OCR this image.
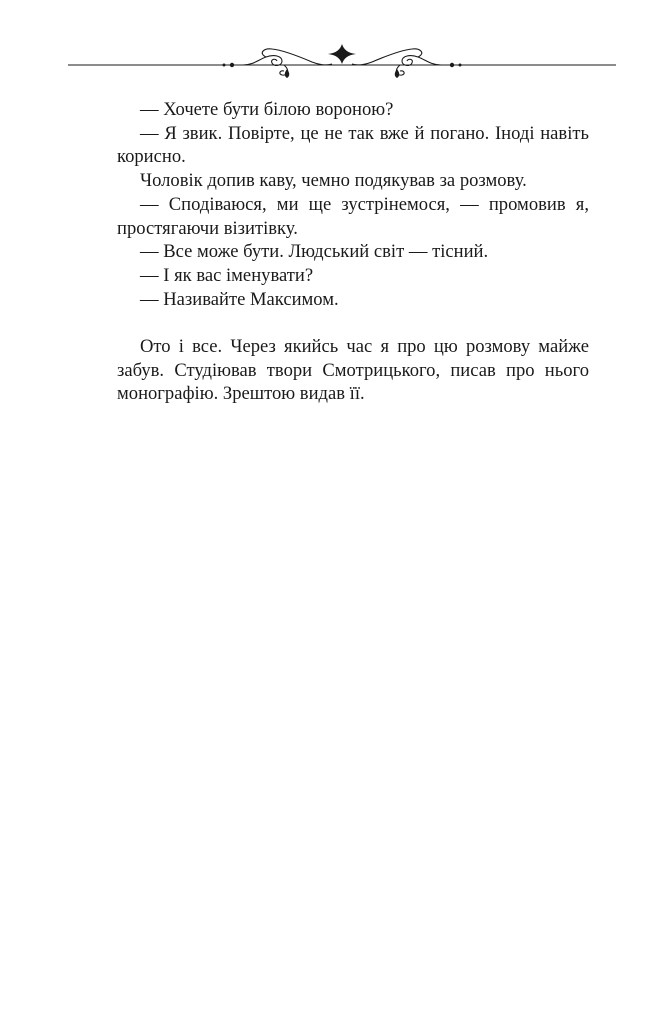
— Хочете бути білою вороною?

— Я звик. Повірте, це не так вже й погано. Іноді навіть корисно.

Чоловік допив каву, чемно подякував за розмову.

— Сподіваюся, ми ще зустрінемося, — промовив я, простягаючи візитівку.

— Все може бути. Людський світ — тісний.

— І як вас іменувати?

— Називайте Максимом.

Ото і все. Через якийсь час я про цю розмову майже забув. Студіював твори Смотрицького, писав про нього монографію. Зрештою видав її.
